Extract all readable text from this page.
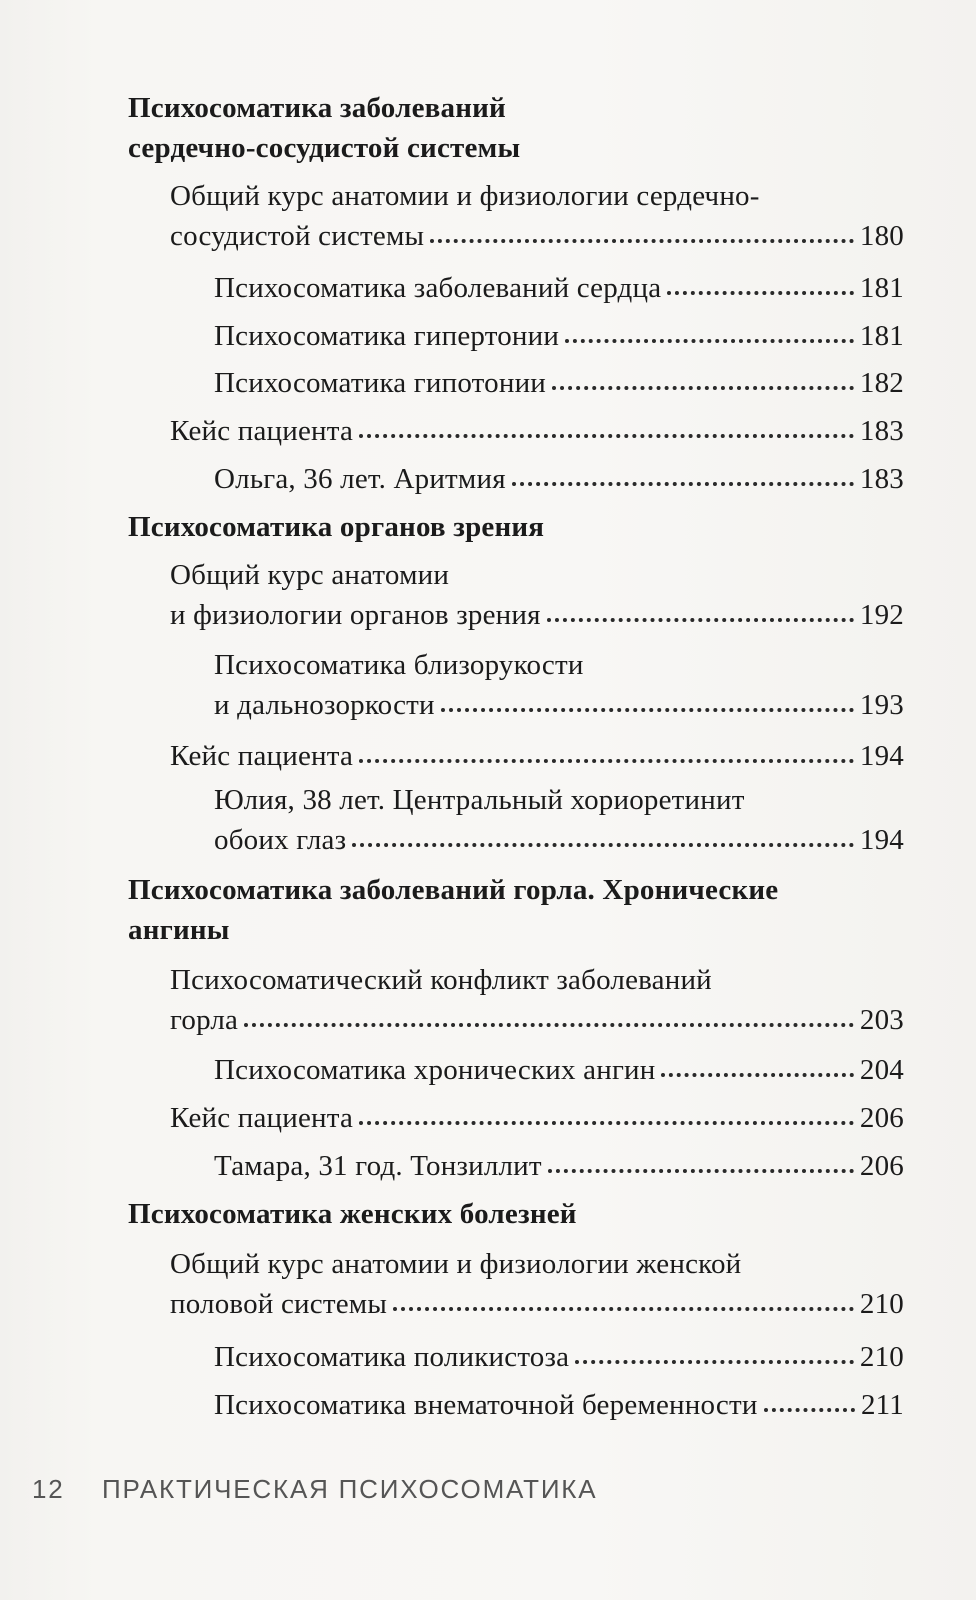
Психосоматика заболеваний
сердечно-сосудистой системы
Общий курс анатомии и физиологии сердечно-
сосудистой системы	180
Психосоматика заболеваний сердца	181
Психосоматика гипертонии	181
Психосоматика гипотонии	182
Кейс пациента	183
Ольга, 36 лет. Аритмия	183
Психосоматика органов зрения
Общий курс анатомии
и физиологии органов зрения	192
Психосоматика близорукости
и дальнозоркости	193
Кейс пациента	194
Юлия, 38 лет. Центральный хориоретинит
обоих глаз	194
Психосоматика заболеваний горла. Хронические
ангины
Психосоматический конфликт заболеваний
горла	203
Психосоматика хронических ангин	204
Кейс пациента	206
Тамара, 31 год. Тонзиллит	206
Психосоматика женских болезней
Общий курс анатомии и физиологии женской
половой системы	210
Психосоматика поликистоза	210
Психосоматика внематочной беременности	211
12 ПРАКТИЧЕСКАЯ ПСИХОСОМАТИКА
